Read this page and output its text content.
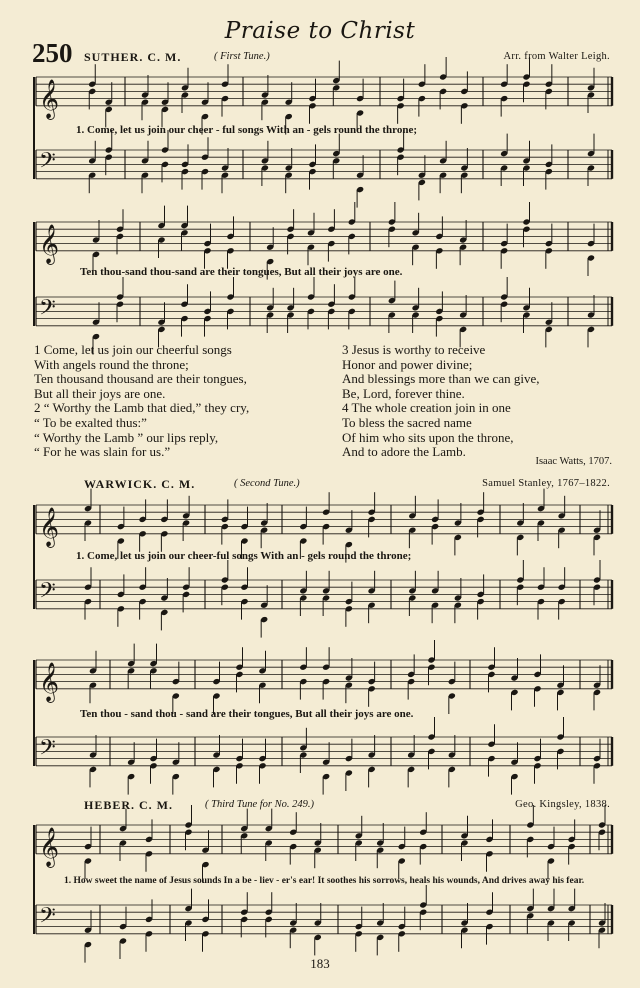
Praise to Christ
250 SUTHER. C. M.	( First Tune.)	Arr. from Walter Leigh.
WARWICK. C. M.	( Second Tune.)	Samuel Stanley, 1767–1822.
HEBER. C. M.	( Third Tune for No. 249.)	Geo. Kingsley, 1838.
1. Come, let us join our cheer - ful songs With an - gels round the throne;
Ten thou-sand thou-sand are their tongues, But all their joys are one.
1. Come, let us join our cheer-ful songs With an - gels round the throne;
Ten thou - sand thou - sand are their tongues, But all their joys are one.
1. How sweet the name of Jesus sounds In a be - liev - er's ear! It soothes his sorrows, heals his wounds, And drives away his fear.
1 Come, let us join our cheerful songs
With angels round the throne;
Ten thousand thousand are their tongues,
But all their joys are one.
2 “ Worthy the Lamb that died,” they cry,
“ To be exalted thus:”
“ Worthy the Lamb ” our lips reply,
“ For he was slain for us.”
3 Jesus is worthy to receive
Honor and power divine;
And blessings more than we can give,
Be, Lord, forever thine.
4 The whole creation join in one
To bless the sacred name
Of him who sits upon the throne,
And to adore the Lamb.
Isaac Watts, 1707.
183
𝄞
𝄢
𝄞
𝄢
𝄞
𝄢
𝄞
𝄢
𝄞
𝄢
